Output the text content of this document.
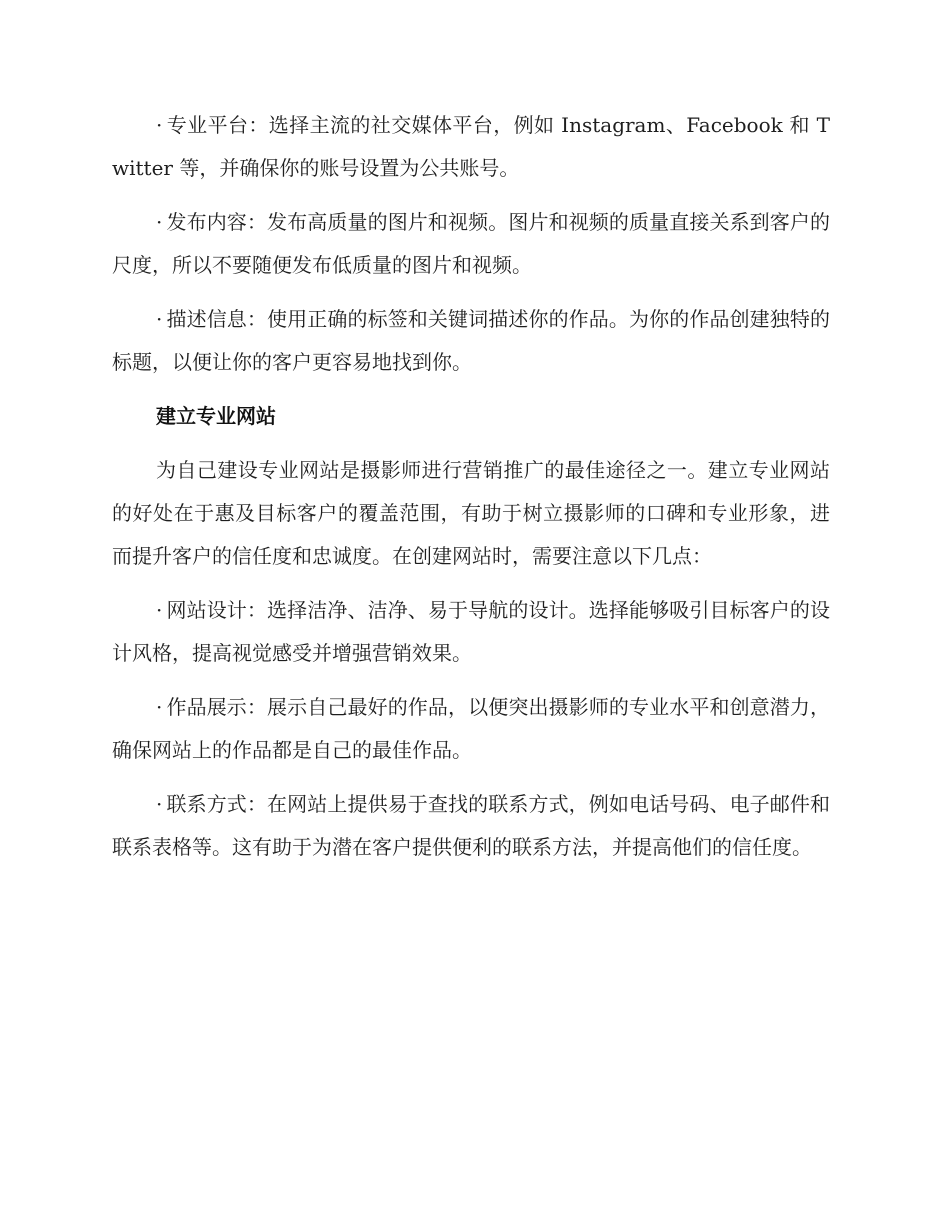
· 专业平台：选择主流的社交媒体平台，例如 Instagram、Facebook 和 Twitter 等，并确保你的账号设置为公共账号。

· 发布内容：发布高质量的图片和视频。图片和视频的质量直接关系到客户的尺度，所以不要随便发布低质量的图片和视频。

· 描述信息：使用正确的标签和关键词描述你的作品。为你的作品创建独特的标题，以便让你的客户更容易地找到你。

建立专业网站

为自己建设专业网站是摄影师进行营销推广的最佳途径之一。建立专业网站的好处在于惠及目标客户的覆盖范围，有助于树立摄影师的口碑和专业形象，进而提升客户的信任度和忠诚度。在创建网站时，需要注意以下几点：

· 网站设计：选择洁净、洁净、易于导航的设计。选择能够吸引目标客户的设计风格，提高视觉感受并增强营销效果。

· 作品展示：展示自己最好的作品，以便突出摄影师的专业水平和创意潜力，确保网站上的作品都是自己的最佳作品。

· 联系方式：在网站上提供易于查找的联系方式，例如电话号码、电子邮件和联系表格等。这有助于为潜在客户提供便利的联系方法，并提高他们的信任度。
